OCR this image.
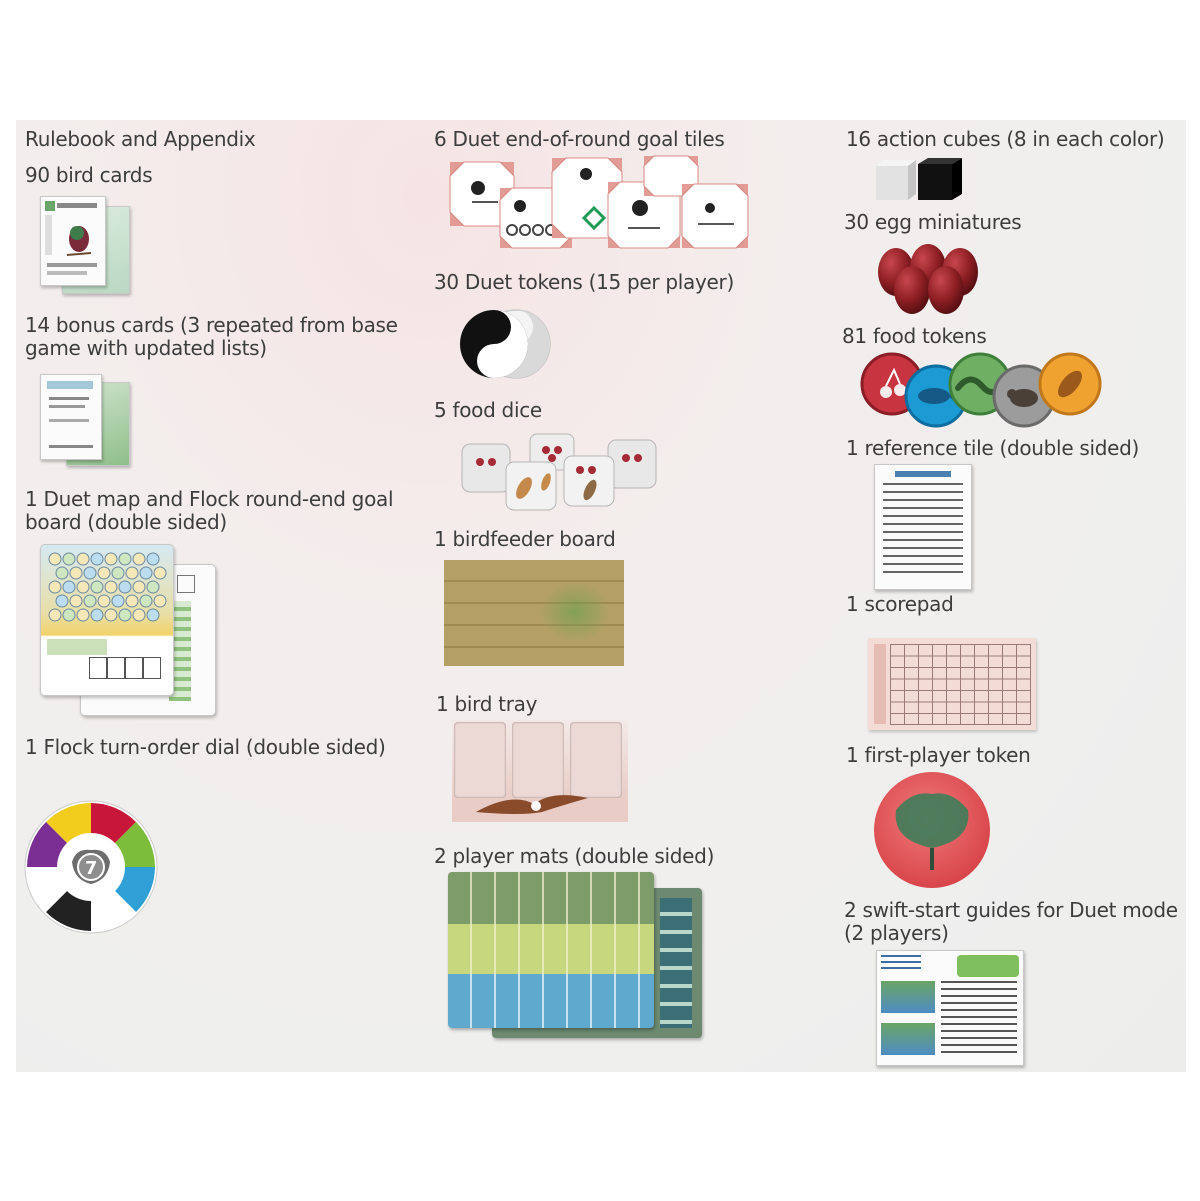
Rulebook and Appendix
90 bird cards
14 bonus cards (3 repeated from base game with updated lists)
1 Duet map and Flock round-end goal board (double sided)
1 Flock turn-order dial (double sided)
7
6 Duet end-of-round goal tiles
30 Duet tokens (15 per player)
5 food dice
1 birdfeeder board
1 bird tray
2 player mats (double sided)
16 action cubes (8 in each color)
30 egg miniatures
81 food tokens
1 reference tile (double sided)
1 scorepad
1 first-player token
2 swift-start guides for Duet mode (2 players)
